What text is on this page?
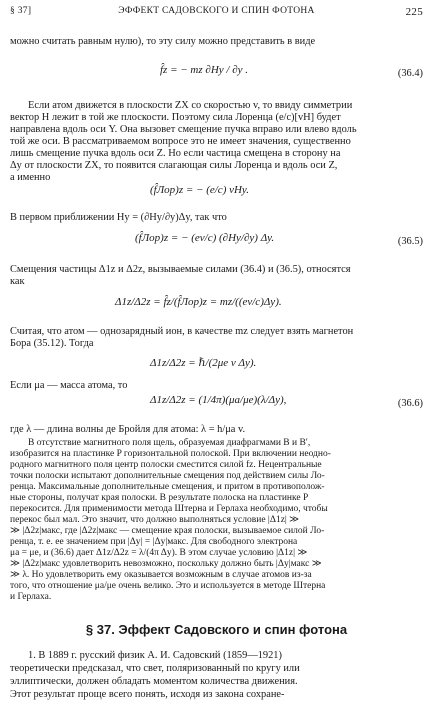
§ 37]	ЭФФЕКТ САДОВСКОГО И СПИН ФОТОНА	225
можно считать равным нулю), то эту силу можно представить в виде
f̂z = − mz ∂Hy / ∂y .	(36.4)
Если атом движется в плоскости ZX со скоростью v, то ввиду симметрии
вектор H лежит в той же плоскости. Поэтому сила Лоренца (e/c)[vH] будет
направлена вдоль оси Y. Она вызовет смещение пучка вправо или влево вдоль
той же оси. В рассматриваемом вопросе это не имеет значения, существенно
лишь смещение пучка вдоль оси Z. Но если частица смещена в сторону на
Δy от плоскости ZX, то появится слагающая силы Лоренца и вдоль оси Z,
а именно
(f̂Лор)z = − (e/c) vHy.
В первом приближении Hy = (∂Hy/∂y)Δy, так что
(f̂Лор)z = − (ev/c) (∂Hy/∂y) Δy.	(36.5)
Смещения частицы Δ1z и Δ2z, вызываемые силами (36.4) и (36.5), относятся
как
Δ1z/Δ2z = f̂z/(f̂Лор)z = mz/((ev/c)Δy).
Считая, что атом — однозарядный ион, в качестве mz следует взять магнетон
Бора (35.12). Тогда
Δ1z/Δ2z = ℏ/(2μe v Δy).
Если μa — масса атома, то
Δ1z/Δ2z = (1/4π)(μa/μe)(λ/Δy),	(36.6)
где λ — длина волны де Бройля для атома: λ = h/μa v.
В отсутствие магнитного поля щель, образуемая диафрагмами B и B′,
изобразится на пластинке P горизонтальной полоской. При включении неодно-
родного магнитного поля центр полоски сместится силой f̂z. Нецентральные
точки полоски испытают дополнительные смещения под действием силы Ло-
ренца. Максимальные дополнительные смещения, и притом в противополож-
ные стороны, получат края полоски. В результате полоска на пластинке P
перекосится. Для применимости метода Штерна и Герлаха необходимо, чтобы
перекос был мал. Это значит, что должно выполняться условие |Δ1z| ≫
≫ |Δ2z|макс, где |Δ2z|макс — смещение края полоски, вызываемое силой Ло-
ренца, т. е. ее значением при |Δy| = |Δy|макс. Для свободного электрона
μa = μe, и (36.6) дает Δ1z/Δ2z = λ/(4π Δy). В этом случае условию |Δ1z| ≫
≫ |Δ2z|макс удовлетворить невозможно, поскольку должно быть |Δy|макс ≫
≫ λ. Но удовлетворить ему оказывается возможным в случае атомов из-за
того, что отношение μa/μe очень велико. Это и используется в методе Штерна
и Герлаха.
§ 37. Эффект Садовского и спин фотона
1. В 1889 г. русский физик А. И. Садовский (1859—1921)
теоретически предсказал, что свет, поляризованный по кругу или
эллиптически, должен обладать моментом количества движения.
Этот результат проще всего понять, исходя из закона сохране-
